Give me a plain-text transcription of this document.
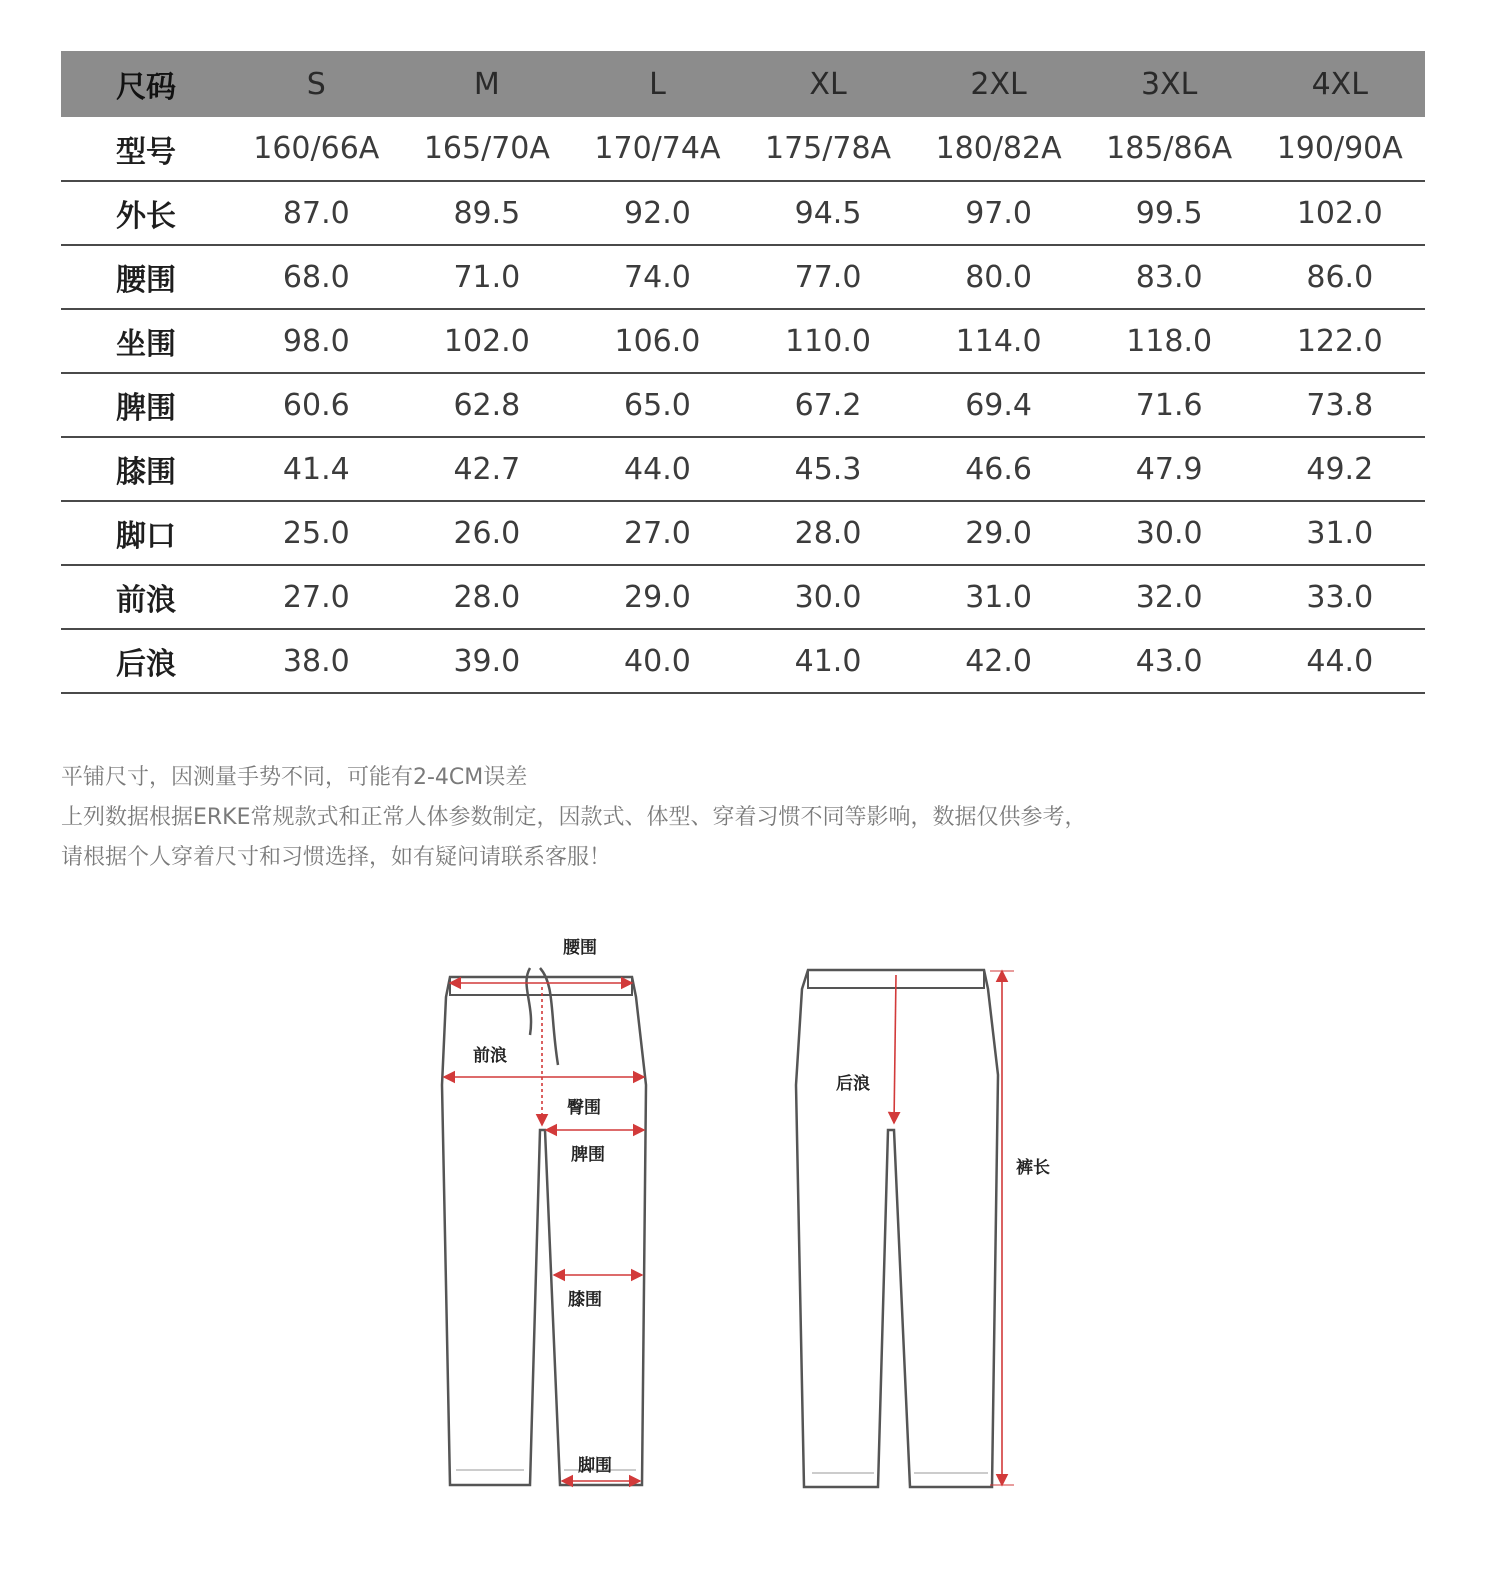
尺码	S	M	L	XL	2XL	3XL	4XL
型号	160/66A	165/70A	170/74A	175/78A	180/82A	185/86A	190/90A
外长	87.0	89.5	92.0	94.5	97.0	99.5	102.0
腰围	68.0	71.0	74.0	77.0	80.0	83.0	86.0
坐围	98.0	102.0	106.0	110.0	114.0	118.0	122.0
脾围	60.6	62.8	65.0	67.2	69.4	71.6	73.8
膝围	41.4	42.7	44.0	45.3	46.6	47.9	49.2
脚口	25.0	26.0	27.0	28.0	29.0	30.0	31.0
前浪	27.0	28.0	29.0	30.0	31.0	32.0	33.0
后浪	38.0	39.0	40.0	41.0	42.0	43.0	44.0
平铺尺寸，因测量手势不同，可能有2-4CM误差
上列数据根据ERKE常规款式和正常人体参数制定，因款式、体型、穿着习惯不同等影响，数据仅供参考，
请根据个人穿着尺寸和习惯选择，如有疑问请联系客服！
腰围
前浪
臀围
脾围
膝围
脚围
后浪
裤长
